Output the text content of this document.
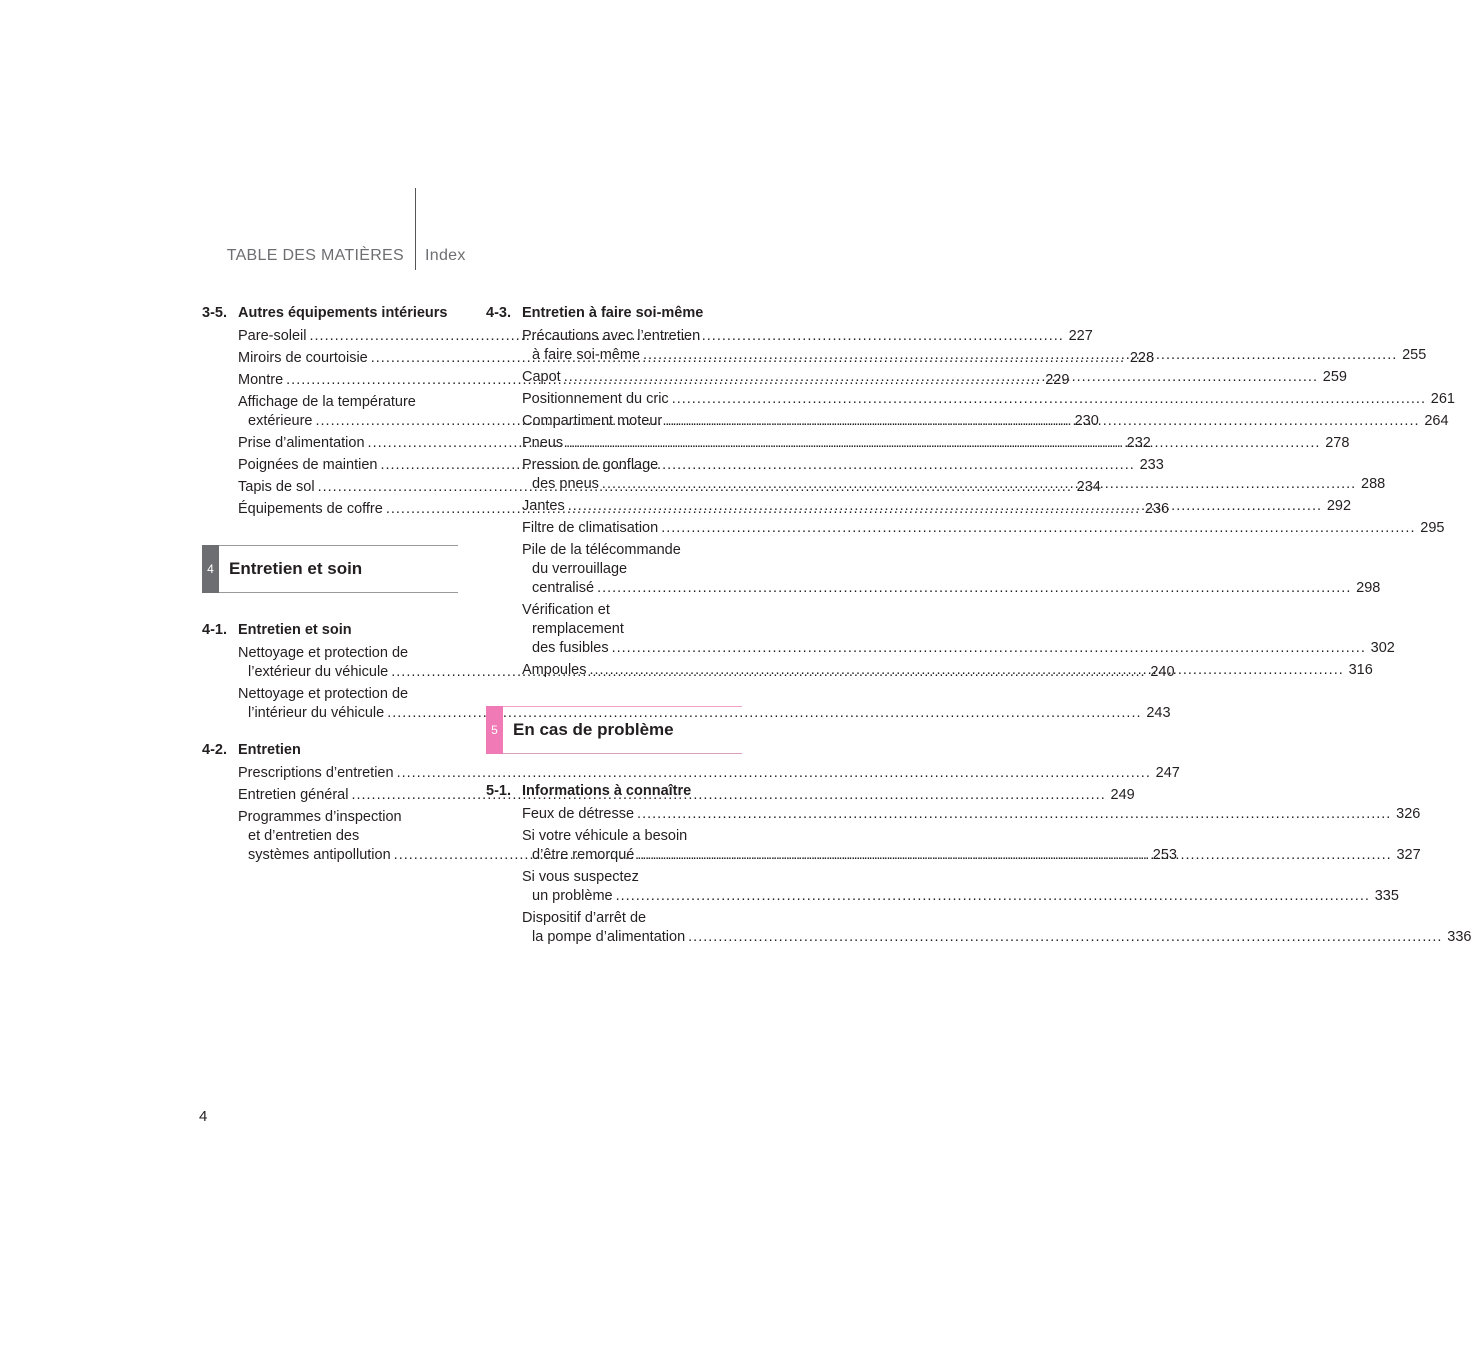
TABLE DES MATIÈRES Index
3-5. Autres équipements intérieurs
Pare-soleil .....	227
Miroirs de courtoisie .....	228
Montre .....	229
Affichage de la température
extérieure .....	230
Prise d’alimentation .....	232
Poignées de maintien .....	233
Tapis de sol .....	234
Équipements de coffre .....	236
4 Entretien et soin
4-1. Entretien et soin
Nettoyage et protection de
l’extérieur du véhicule .....	240
Nettoyage et protection de
l’intérieur du véhicule .....	243
4-2. Entretien
Prescriptions d’entretien .....	247
Entretien général .....	249
Programmes d’inspection
et d’entretien des
systèmes antipollution .....	253
4-3. Entretien à faire soi-même
Précautions avec l’entretien
à faire soi-même .....	255
Capot .....	259
Positionnement du cric .....	261
Compartiment moteur .....	264
Pneus .....	278
Pression de gonflage
des pneus .....	288
Jantes .....	292
Filtre de climatisation .....	295
Pile de la télécommande
du verrouillage
centralisé .....	298
Vérification et
remplacement
des fusibles .....	302
Ampoules .....	316
5 En cas de problème
5-1. Informations à connaître
Feux de détresse .....	326
Si votre véhicule a besoin
d’être remorqué .....	327
Si vous suspectez
un problème .....	335
Dispositif d’arrêt de
la pompe d’alimentation .....	336
4
